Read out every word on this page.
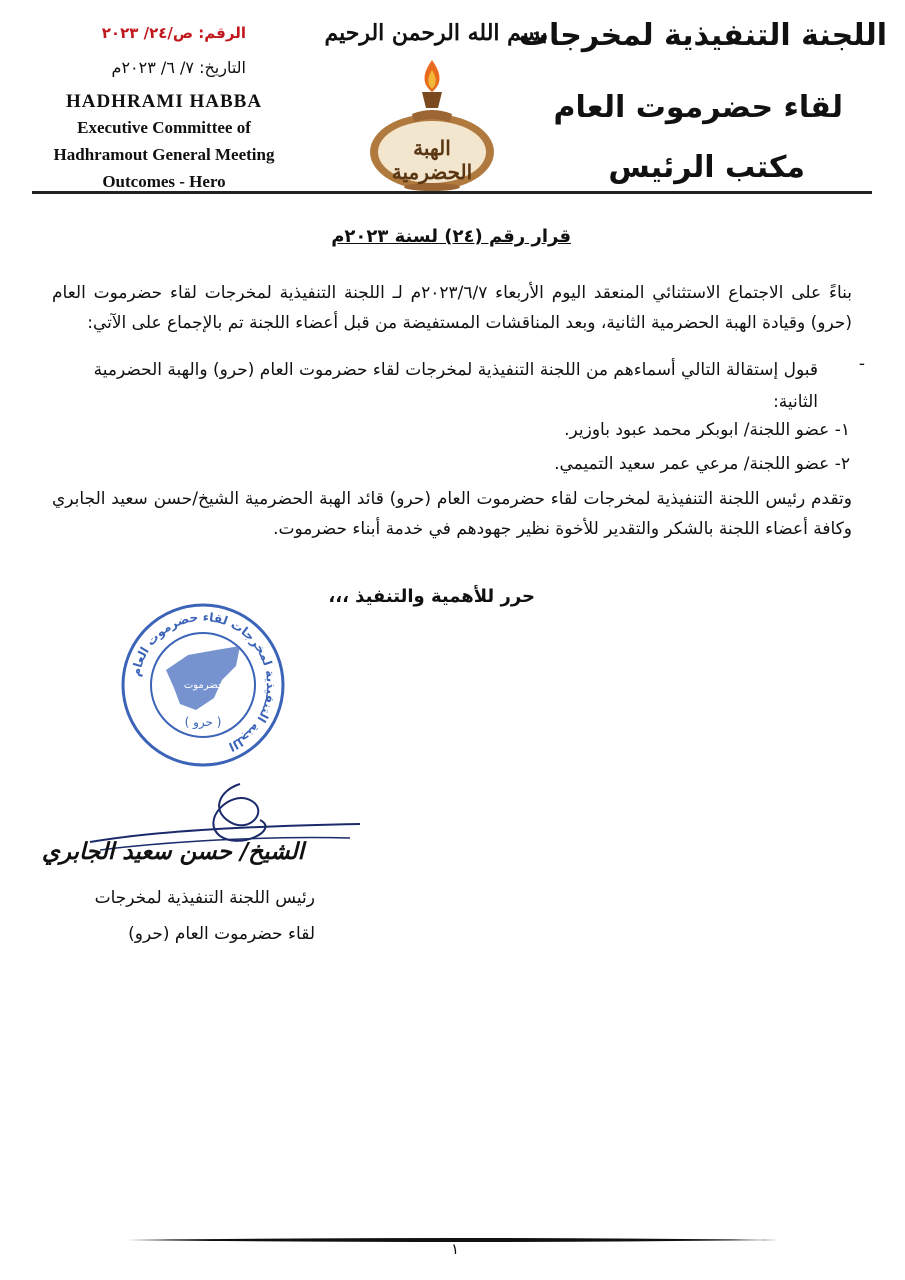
اللجنة التنفيذية لمخرجات
لقاء حضرموت العام
مكتب الرئيس
بسم الله الرحمن الرحيم
الهبة الحضرمية
الرقم: ص/٢٤/ ٢٠٢٣
التاريخ: ٧/ ٦/ ٢٠٢٣م
HADHRAMI HABBA
Executive Committee of
Hadhramout General Meeting
Outcomes - Hero
قرار رقم (٢٤) لسنة ٢٠٢٣م
بناءً على الاجتماع الاستثنائي المنعقد اليوم الأربعاء ٢٠٢٣/٦/٧م لـ اللجنة التنفيذية لمخرجات لقاء حضرموت العام (حرو) وقيادة الهبة الحضرمية الثانية، وبعد المناقشات المستفيضة من قبل أعضاء اللجنة تم بالإجماع على الآتي:
-
قبول إستقالة التالي أسماءهم من اللجنة التنفيذية لمخرجات لقاء حضرموت العام (حرو) والهبة الحضرمية الثانية:
١- عضو اللجنة/ ابوبكر محمد عبود باوزير.
٢- عضو اللجنة/ مرعي عمر سعيد التميمي.
وتقدم رئيس اللجنة التنفيذية لمخرجات لقاء حضرموت العام (حرو) قائد الهبة الحضرمية الشيخ/حسن سعيد الجابري وكافة أعضاء اللجنة بالشكر والتقدير للأخوة نظير جهودهم في خدمة أبناء حضرموت.
حرر للأهمية والتنفيذ ،،،
اللجنة التنفيذية لمخرجات لقاء حضرموت العام
حضرموت
( حرو )
الشيخ/ حسن سعيد الجابري
رئيس اللجنة التنفيذية لمخرجات
لقاء حضرموت العام (حرو)
١
